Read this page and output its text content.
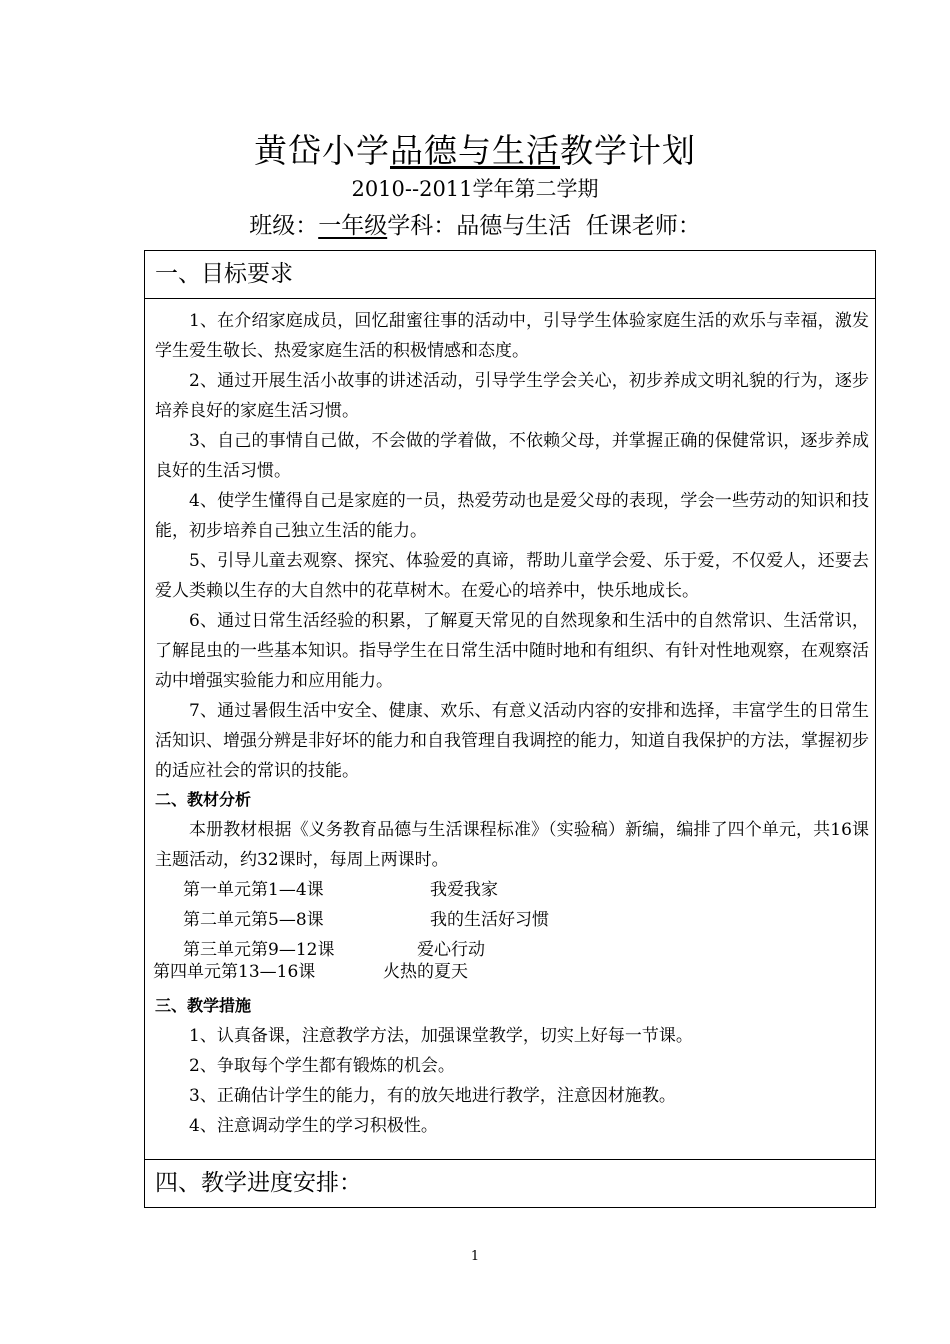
黄岱小学品德与生活教学计划
2010--2011学年第二学期
班级：一年级学科：品德与生活 任课老师：
一、目标要求
1、在介绍家庭成员，回忆甜蜜往事的活动中，引导学生体验家庭生活的欢乐与幸福，激发学生爱生敬长、热爱家庭生活的积极情感和态度。
2、通过开展生活小故事的讲述活动，引导学生学会关心，初步养成文明礼貌的行为，逐步培养良好的家庭生活习惯。
3、自己的事情自己做，不会做的学着做，不依赖父母，并掌握正确的保健常识，逐步养成良好的生活习惯。
4、使学生懂得自己是家庭的一员，热爱劳动也是爱父母的表现，学会一些劳动的知识和技能，初步培养自己独立生活的能力。
5、引导儿童去观察、探究、体验爱的真谛，帮助儿童学会爱、乐于爱，不仅爱人，还要去爱人类赖以生存的大自然中的花草树木。在爱心的培养中，快乐地成长。
6、通过日常生活经验的积累，了解夏天常见的自然现象和生活中的自然常识、生活常识，了解昆虫的一些基本知识。指导学生在日常生活中随时地和有组织、有针对性地观察，在观察活动中增强实验能力和应用能力。
7、通过暑假生活中安全、健康、欢乐、有意义活动内容的安排和选择，丰富学生的日常生活知识、增强分辨是非好坏的能力和自我管理自我调控的能力，知道自我保护的方法，掌握初步的适应社会的常识的技能。
二、教材分析
本册教材根据《义务教育品德与生活课程标准》（实验稿）新编，编排了四个单元，共16课主题活动，约32课时，每周上两课时。
第一单元第1—4课	我爱我家
第二单元第5—8课	我的生活好习惯
第三单元第9—12课	爱心行动
第四单元第13—16课	火热的夏天
三、教学措施
1、认真备课，注意教学方法，加强课堂教学，切实上好每一节课。
2、争取每个学生都有锻炼的机会。
3、正确估计学生的能力，有的放矢地进行教学，注意因材施教。
4、注意调动学生的学习积极性。
四、教学进度安排：
1
